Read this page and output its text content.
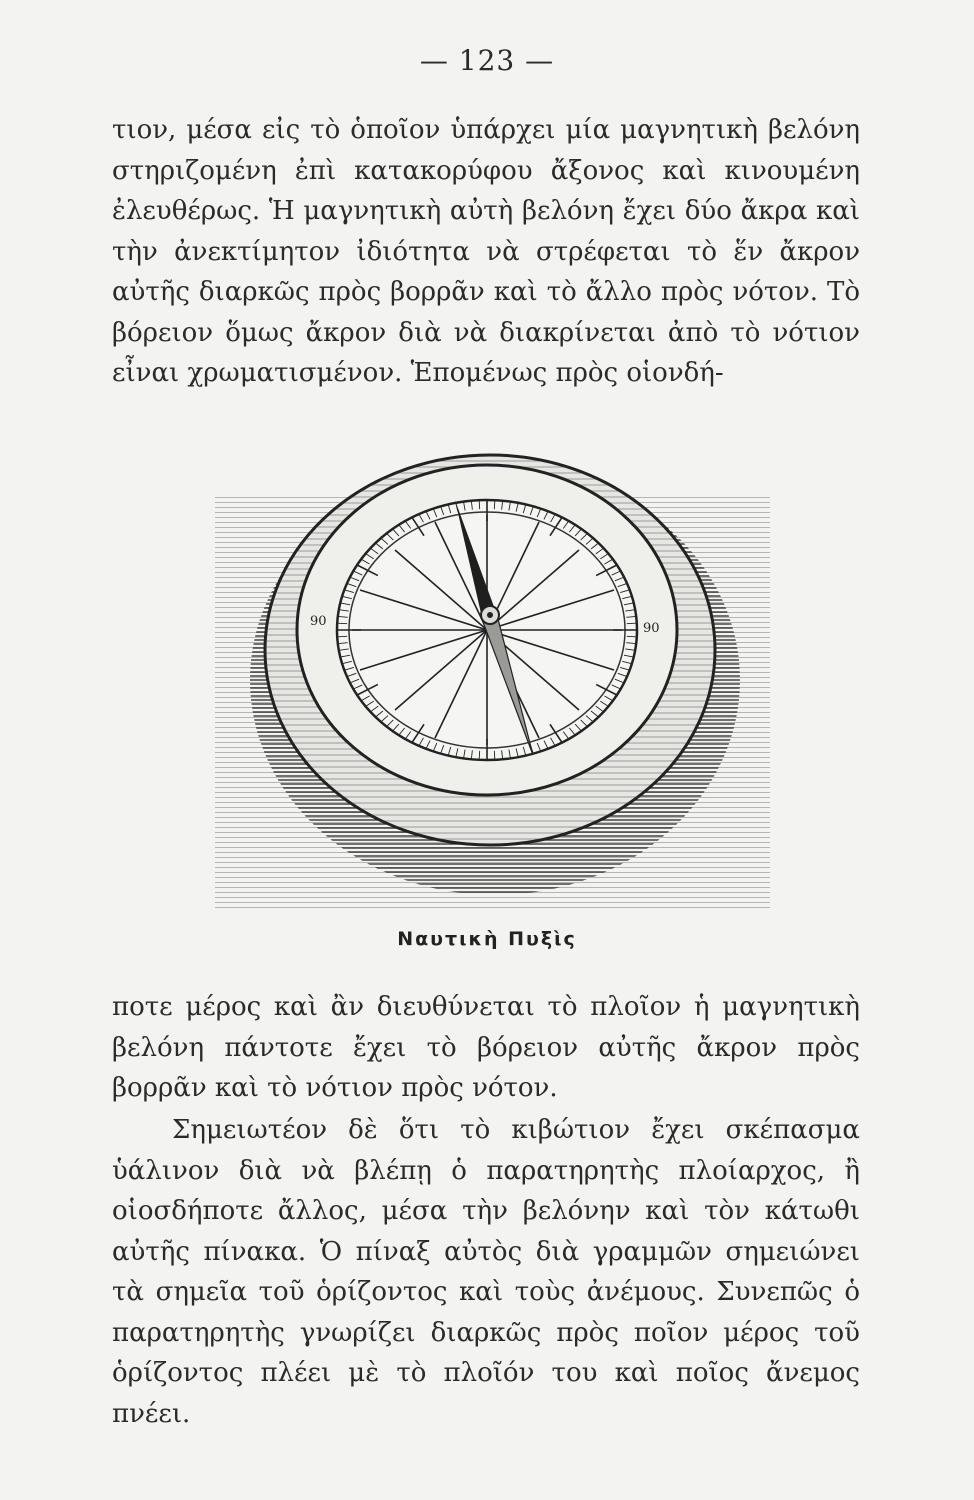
— 123 —

τιον, μέσα εἰς τὸ ὁποῖον ὑπάρχει μία μαγνητικὴ βελόνη στηριζομένη ἐπὶ κατακορύφου ἄξονος καὶ κινουμένη ἐλευθέρως. Ἡ μαγνητικὴ αὐτὴ βελόνη ἔχει δύο ἄκρα καὶ τὴν ἀνεκτίμητον ἰδιότητα νὰ στρέφεται τὸ ἕν ἄκρον αὐτῆς διαρκῶς πρὸς βορρᾶν καὶ τὸ ἄλλο πρὸς νότον. Τὸ βόρειον ὅμως ἄκρον διὰ νὰ διακρίνεται ἀπὸ τὸ νότιον εἶναι χρωματισμένον. Ἑπομένως πρὸς οἱονδή-

90	90
Ναυτικὴ Πυξὶς

ποτε μέρος καὶ ἂν διευθύνεται τὸ πλοῖον ἡ μαγνητικὴ βελόνη πάντοτε ἔχει τὸ βόρειον αὐτῆς ἄκρον πρὸς βορρᾶν καὶ τὸ νότιον πρὸς νότον.

Σημειωτέον δὲ ὅτι τὸ κιβώτιον ἔχει σκέπασμα ὑάλινον διὰ νὰ βλέπῃ ὁ παρατηρητὴς πλοίαρχος, ἢ οἱοσδήποτε ἄλλος, μέσα τὴν βελόνην καὶ τὸν κάτωθι αὐτῆς πίνακα. Ὁ πίναξ αὐτὸς διὰ γραμμῶν σημειώνει τὰ σημεῖα τοῦ ὁρίζοντος καὶ τοὺς ἀνέμους. Συνεπῶς ὁ παρατηρητὴς γνωρίζει διαρκῶς πρὸς ποῖον μέρος τοῦ ὁρίζοντος πλέει μὲ τὸ πλοῖόν του καὶ ποῖος ἄνεμος πνέει.
